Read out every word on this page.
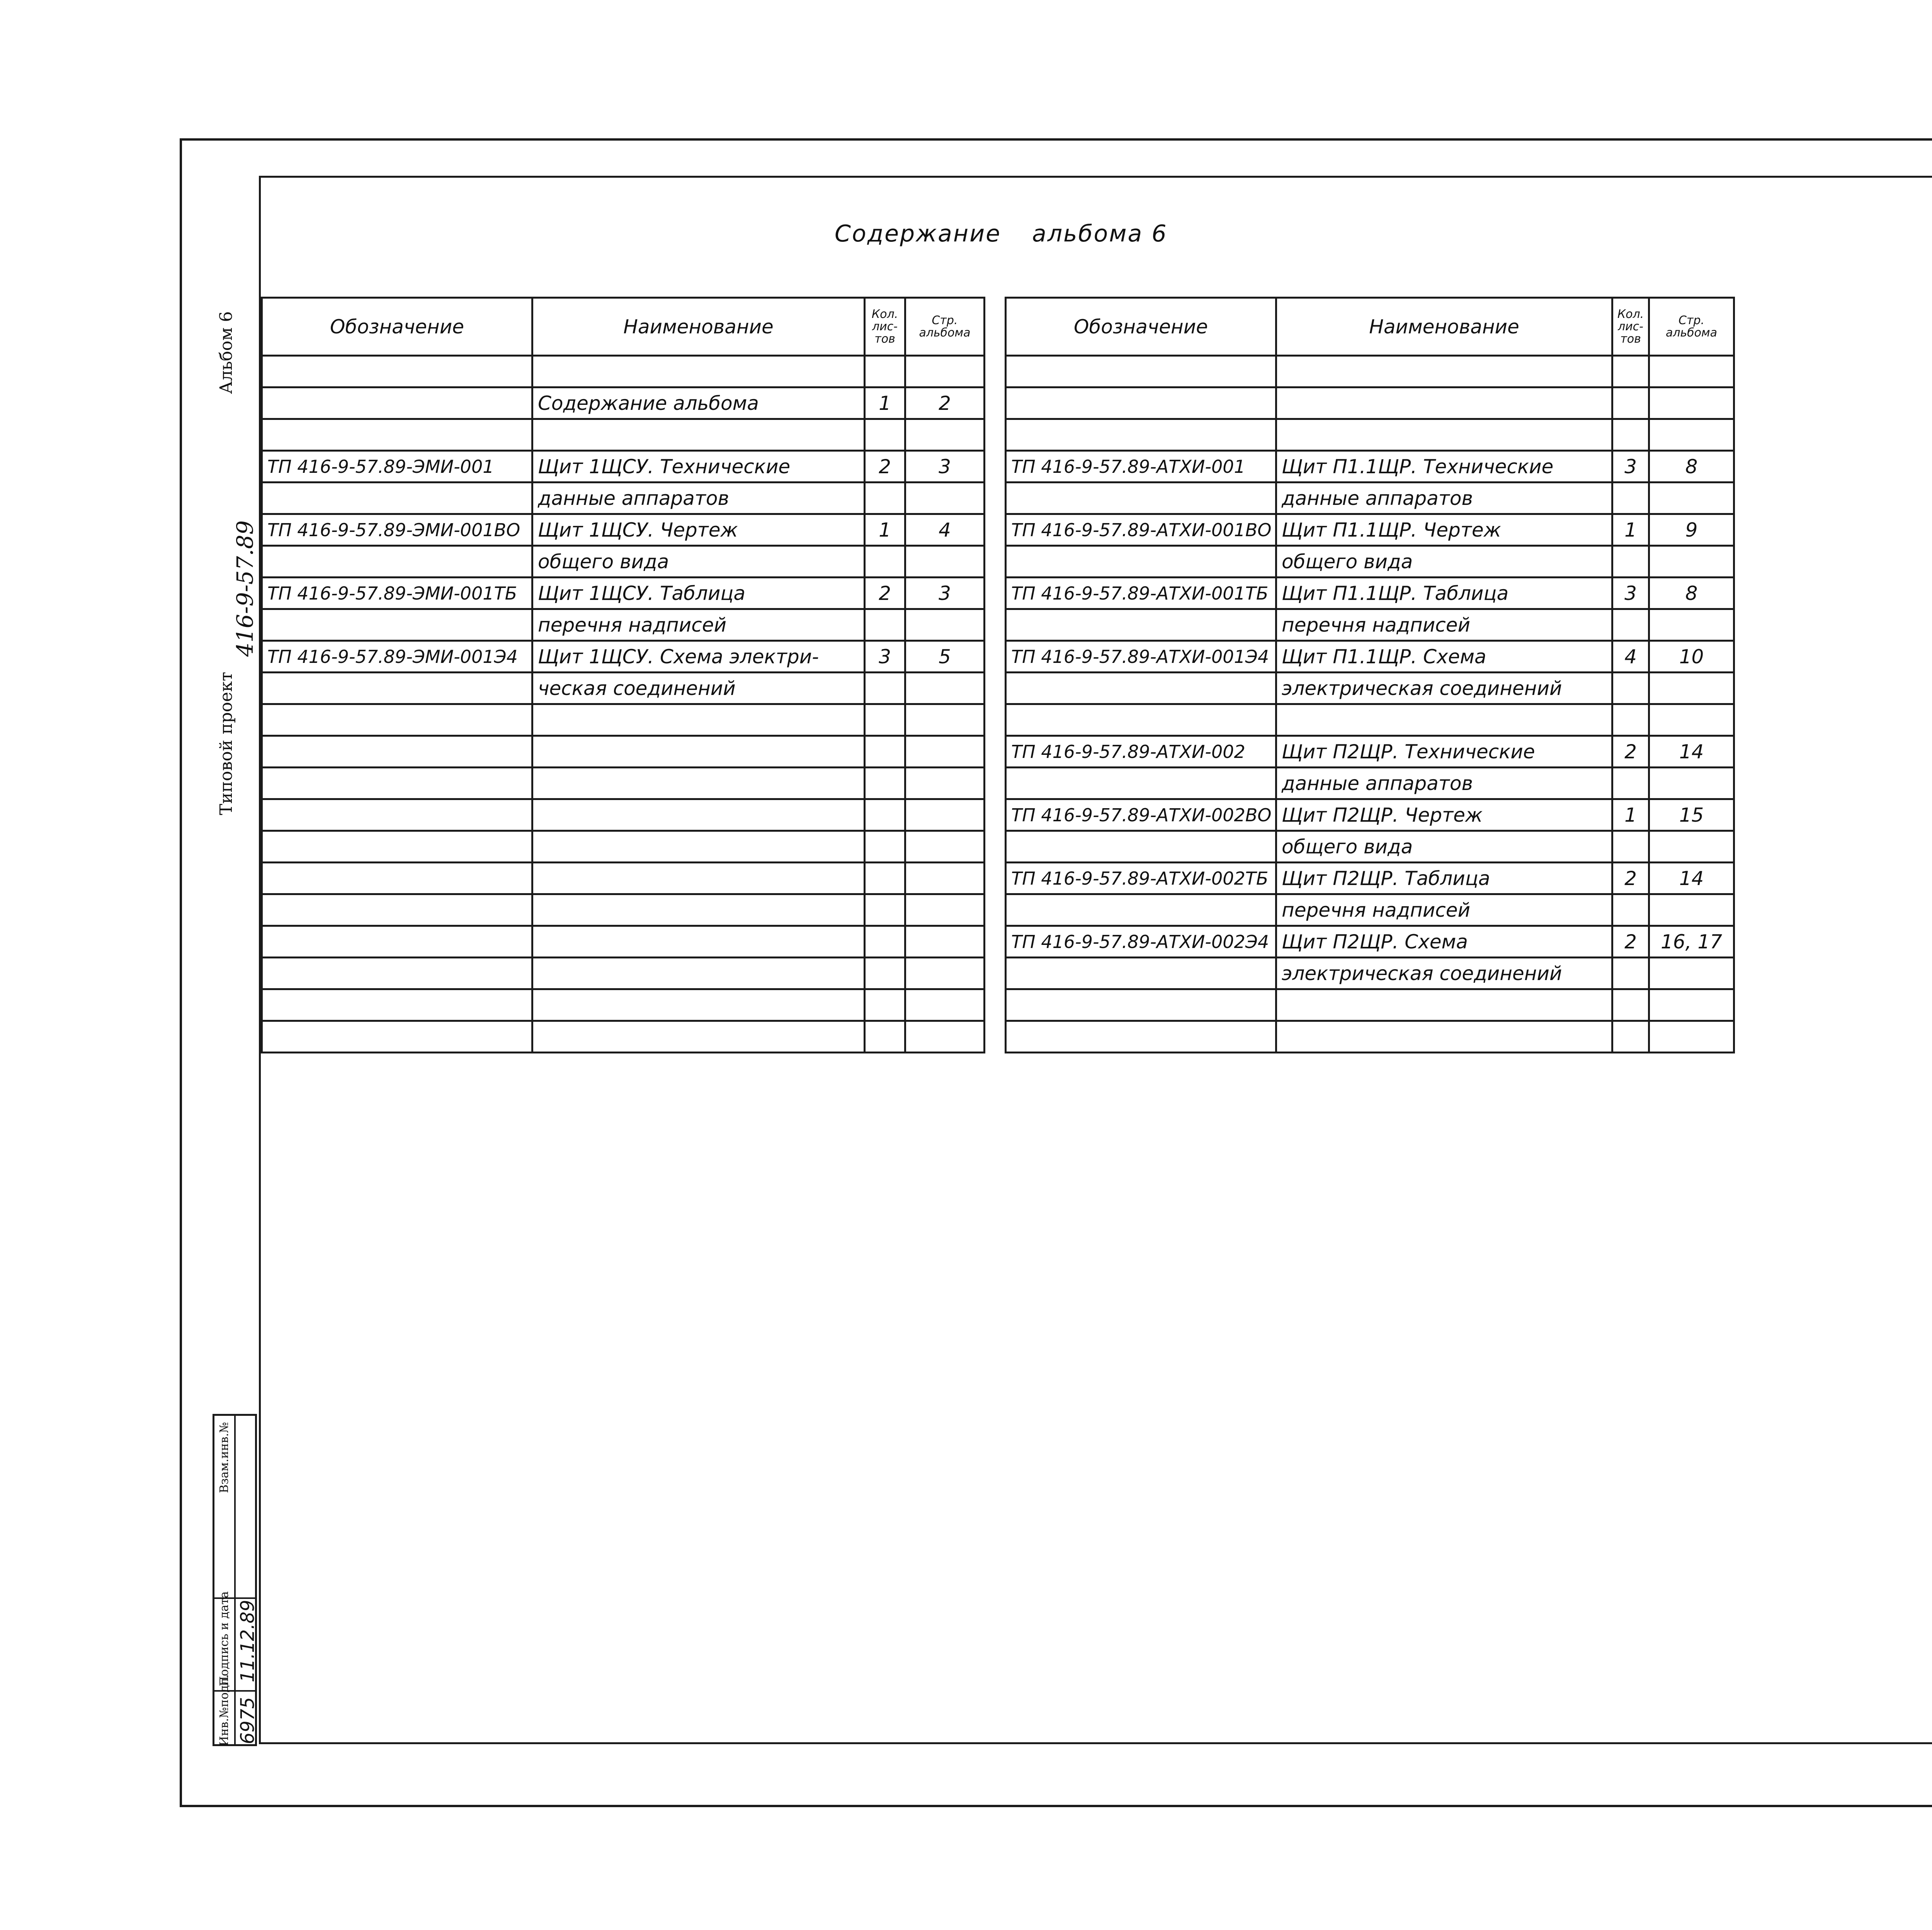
Содержание альбома 6
Альбом 6
Типовой проект
416-9-57.89
Обозначение	Наименование	Кол. лис- тов	Стр. альбома

	Содержание альбома	1	2

ТП 416-9-57.89-ЭМИ-001	Щит 1ЩСУ. Технические	2	3
	данные аппаратов		
ТП 416-9-57.89-ЭМИ-001ВО	Щит 1ЩСУ. Чертеж	1	4
	общего вида		
ТП 416-9-57.89-ЭМИ-001ТБ	Щит 1ЩСУ. Таблица	2	3
	перечня надписей		
ТП 416-9-57.89-ЭМИ-001Э4	Щит 1ЩСУ. Схема электри-	3	5
	ческая соединений		

Обозначение	Наименование	Кол. лис- тов	Стр. альбома

ТП 416-9-57.89-АТХИ-001	Щит П1.1ЩР. Технические	3	8
	данные аппаратов		
ТП 416-9-57.89-АТХИ-001ВО	Щит П1.1ЩР. Чертеж	1	9
	общего вида		
ТП 416-9-57.89-АТХИ-001ТБ	Щит П1.1ЩР. Таблица	3	8
	перечня надписей		
ТП 416-9-57.89-АТХИ-001Э4	Щит П1.1ЩР. Схема	4	10
	электрическая соединений		

ТП 416-9-57.89-АТХИ-002	Щит П2ЩР. Технические	2	14
	данные аппаратов		
ТП 416-9-57.89-АТХИ-002ВО	Щит П2ЩР. Чертеж	1	15
	общего вида		
ТП 416-9-57.89-АТХИ-002ТБ	Щит П2ЩР. Таблица	2	14
	перечня надписей		
ТП 416-9-57.89-АТХИ-002Э4	Щит П2ЩР. Схема	2	16, 17
	электрическая соединений		

Взам.инв.№
Подпись и дата
Инв.№подл.
11.12.89
6975
